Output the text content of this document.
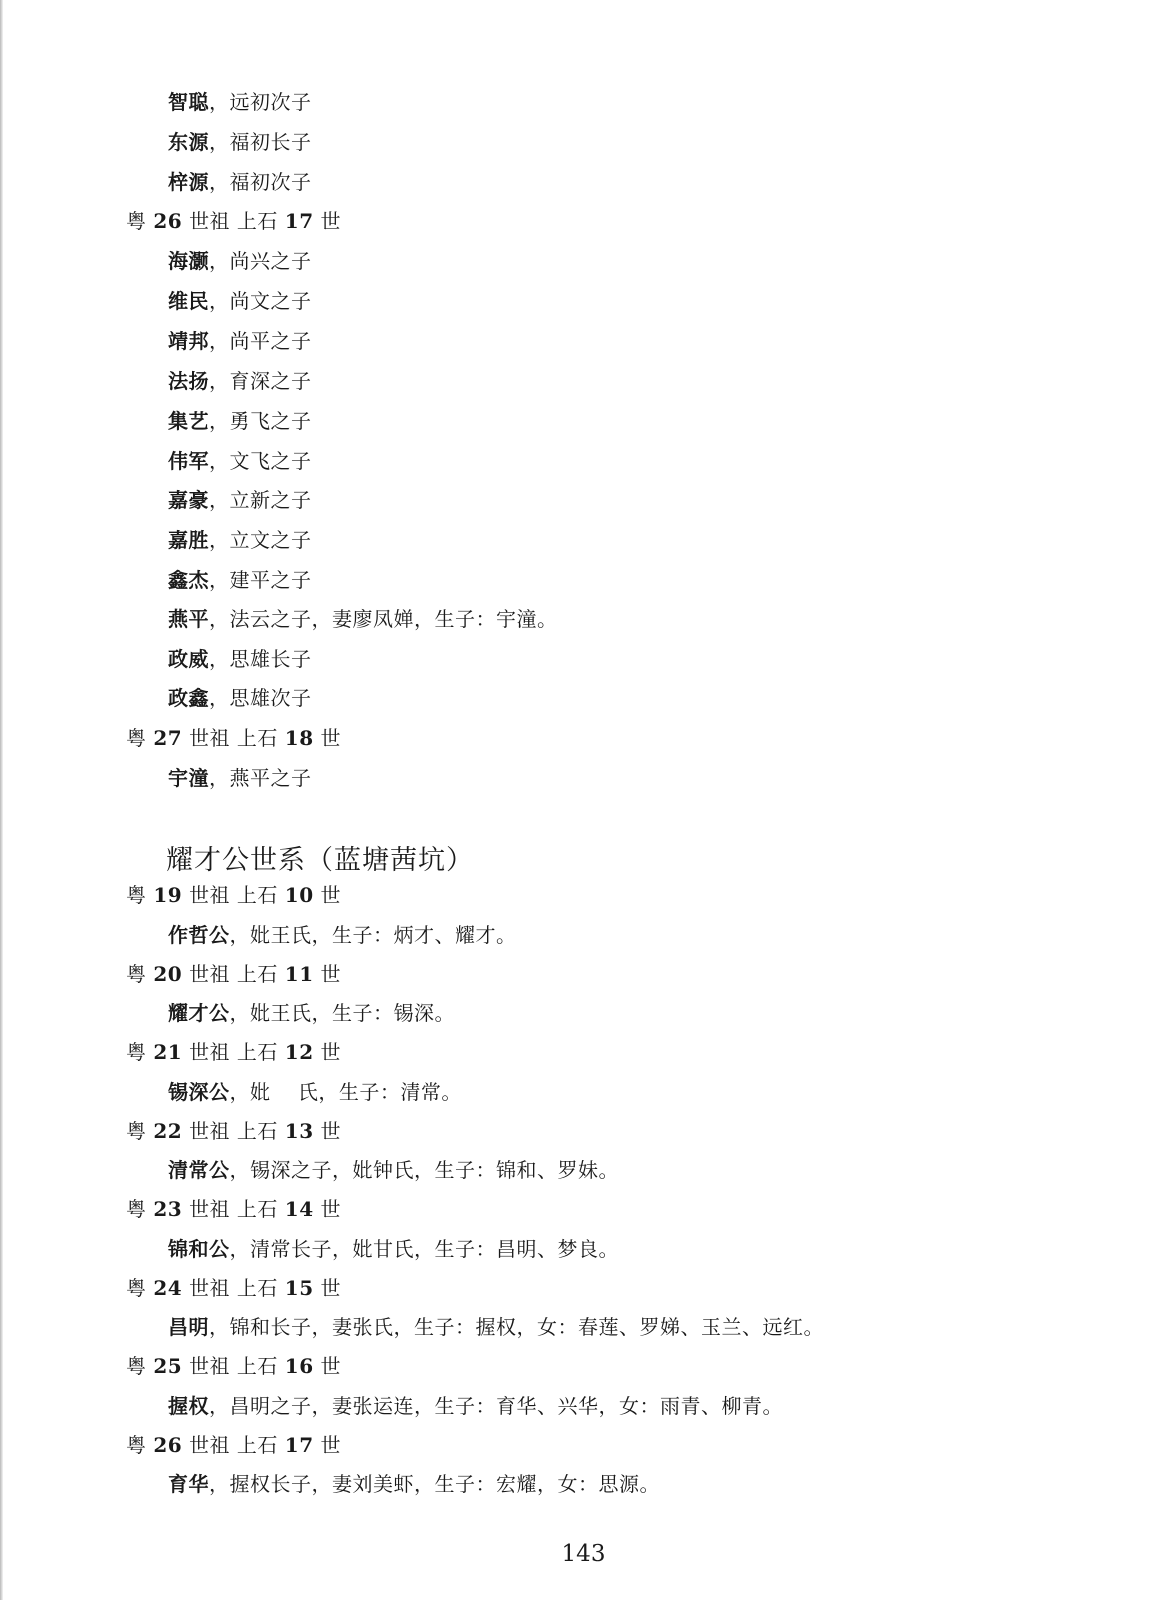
智聪，远初次子
东源，福初长子
梓源，福初次子
粤 26 世祖 上石 17 世
海灏，尚兴之子
维民，尚文之子
靖邦，尚平之子
法扬，育深之子
集艺，勇飞之子
伟军，文飞之子
嘉豪，立新之子
嘉胜，立文之子
鑫杰，建平之子
燕平，法云之子，妻廖凤婵，生子：宇潼。
政威，思雄长子
政鑫，思雄次子
粤 27 世祖 上石 18 世
宇潼，燕平之子
耀才公世系（蓝塘茜坑）
粤 19 世祖 上石 10 世
作哲公，妣王氏，生子：炳才、耀才。
粤 20 世祖 上石 11 世
耀才公，妣王氏，生子：锡深。
粤 21 世祖 上石 12 世
锡深公，妣　 氏，生子：清常。
粤 22 世祖 上石 13 世
清常公，锡深之子，妣钟氏，生子：锦和、罗妹。
粤 23 世祖 上石 14 世
锦和公，清常长子，妣甘氏，生子：昌明、梦良。
粤 24 世祖 上石 15 世
昌明，锦和长子，妻张氏，生子：握权，女：春莲、罗娣、玉兰、远红。
粤 25 世祖 上石 16 世
握权，昌明之子，妻张运连，生子：育华、兴华，女：雨青、柳青。
粤 26 世祖 上石 17 世
育华，握权长子，妻刘美虾，生子：宏耀，女：思源。
143
